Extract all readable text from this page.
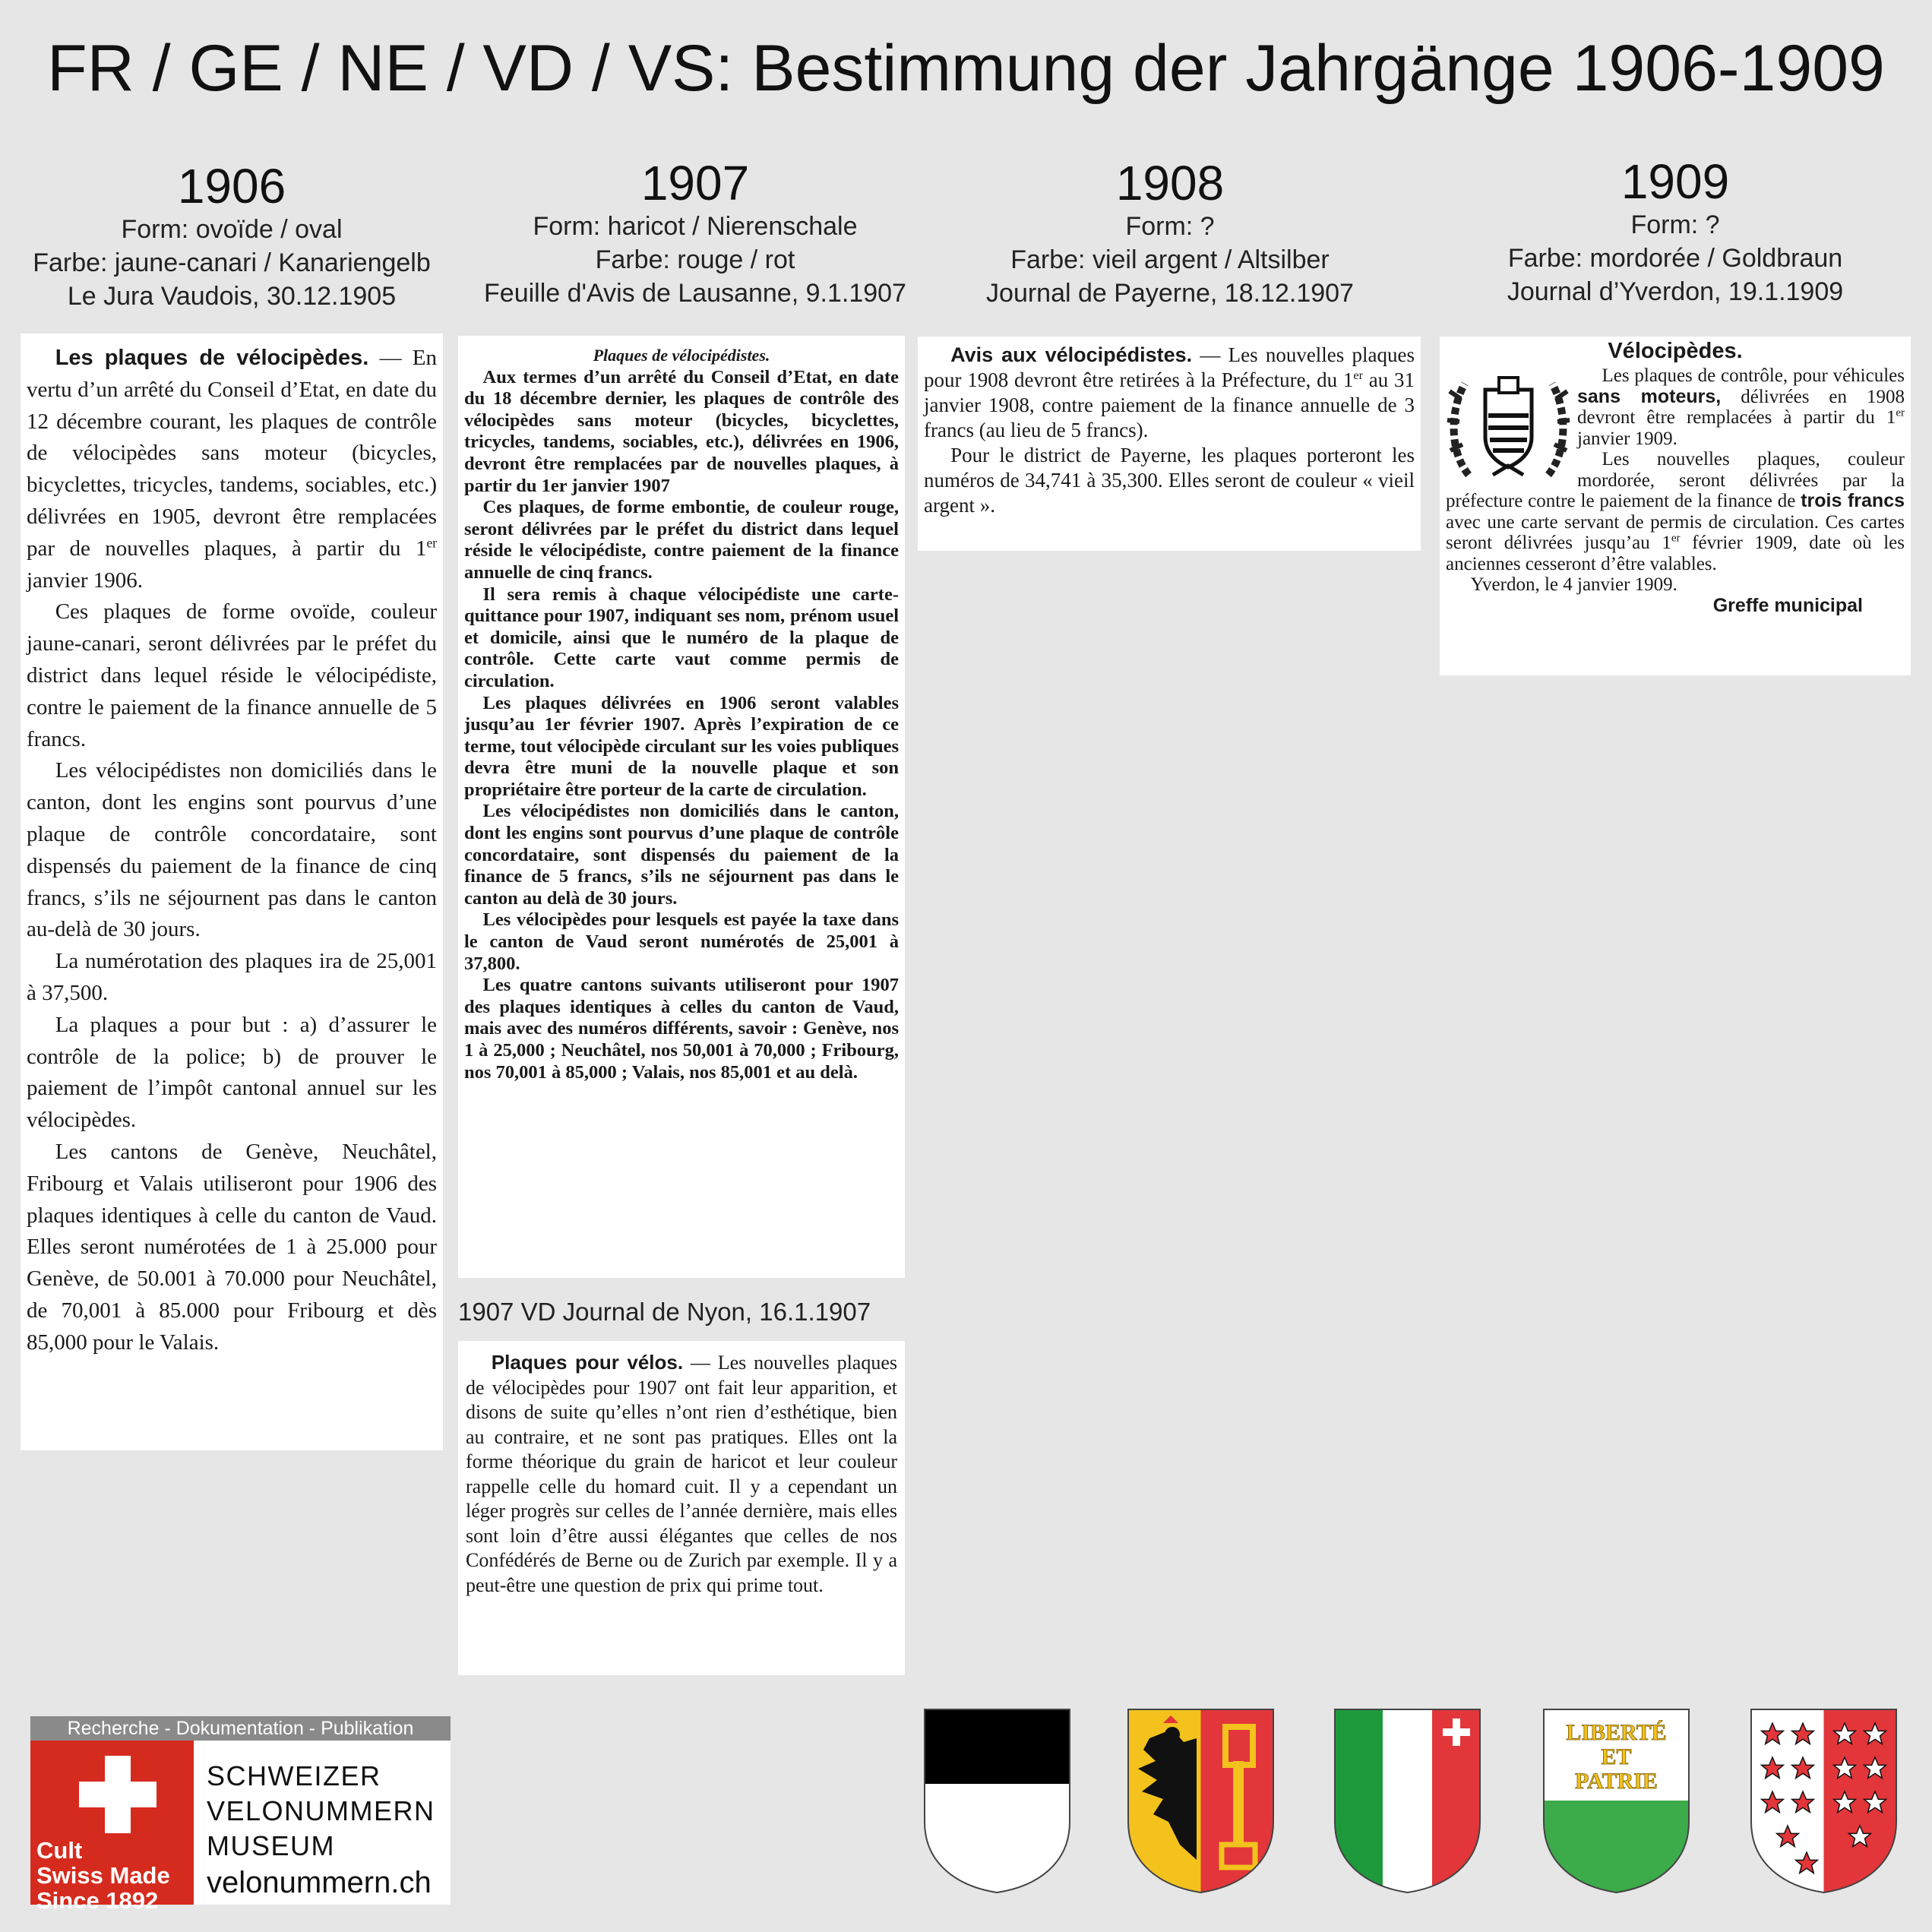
FR / GE / NE / VD / VS: Bestimmung der Jahrgänge 1906-1909
1906
Form: ovoïde / oval
Farbe: jaune-canari / Kanariengelb
Le Jura Vaudois, 30.12.1905
1907
Form: haricot / Nierenschale
Farbe: rouge / rot
Feuille d'Avis de Lausanne, 9.1.1907
1908
Form: ?
Farbe: vieil argent / Altsilber
Journal de Payerne, 18.12.1907
1909
Form: ?
Farbe: mordorée / Goldbraun
Journal d’Yverdon, 19.1.1909

Les plaques de vélocipèdes. — En vertu d’un arrêté du Conseil d’Etat, en date du 12 décembre courant, les plaques de contrôle de vélocipèdes sans moteur (bicycles, bicyclettes, tricycles, tandems, sociables, etc.) délivrées en 1905, devront être remplacées par de nouvelles plaques, à partir du 1er janvier 1906.

Ces plaques de forme ovoïde, couleur jaune-canari, seront délivrées par le préfet du district dans lequel réside le vélocipédiste, contre le paiement de la finance annuelle de 5 francs.

Les vélocipédistes non domiciliés dans le canton, dont les engins sont pourvus d’une plaque de contrôle concordataire, sont dispensés du paiement de la finance de cinq francs, s’ils ne séjournent pas dans le canton au-delà de 30 jours.

La numérotation des plaques ira de 25,001 à 37,500.

La plaques a pour but : a) d’assurer le contrôle de la police; b) de prouver le paiement de l’impôt cantonal annuel sur les vélocipèdes.

Les cantons de Genève, Neuchâtel, Fribourg et Valais utiliseront pour 1906 des plaques identiques à celle du canton de Vaud. Elles seront numérotées de 1 à 25.000 pour Genève, de 50.001 à 70.000 pour Neuchâtel, de 70,001 à 85.000 pour Fribourg et dès 85,000 pour le Valais.

Plaques de vélocipédistes.

Aux termes d’un arrêté du Conseil d’Etat, en date du 18 décembre dernier, les plaques de contrôle des vélocipèdes sans moteur (bicycles, bicyclettes, tricycles, tandems, sociables, etc.), délivrées en 1906, devront être remplacées par de nouvelles plaques, à partir du 1er janvier 1907

Ces plaques, de forme embontie, de couleur rouge, seront délivrées par le préfet du district dans lequel réside le vélocipédiste, contre paiement de la finance annuelle de cinq francs.

Il sera remis à chaque vélocipédiste une carte-quittance pour 1907, indiquant ses nom, prénom usuel et domicile, ainsi que le numéro de la plaque de contrôle. Cette carte vaut comme permis de circulation.

Les plaques délivrées en 1906 seront valables jusqu’au 1er février 1907. Après l’expiration de ce terme, tout vélocipède circulant sur les voies publiques devra être muni de la nouvelle plaque et son propriétaire être porteur de la carte de circulation.

Les vélocipédistes non domiciliés dans le canton, dont les engins sont pourvus d’une plaque de contrôle concordataire, sont dispensés du paiement de la finance de 5 francs, s’ils ne séjournent pas dans le canton au delà de 30 jours.

Les vélocipèdes pour lesquels est payée la taxe dans le canton de Vaud seront numérotés de 25,001 à 37,800.

Les quatre cantons suivants utiliseront pour 1907 des plaques identiques à celles du canton de Vaud, mais avec des numéros différents, savoir : Genève, nos 1 à 25,000 ; Neuchâtel, nos 50,001 à 70,000 ; Fribourg, nos 70,001 à 85,000 ; Valais, nos 85,001 et au delà.

1907 VD Journal de Nyon, 16.1.1907

Plaques pour vélos. — Les nouvelles plaques de vélocipèdes pour 1907 ont fait leur apparition, et disons de suite qu’elles n’ont rien d’esthétique, bien au contraire, et ne sont pas pratiques. Elles ont la forme théorique du grain de haricot et leur couleur rappelle celle du homard cuit. Il y a cependant un léger progrès sur celles de l’année dernière, mais elles sont loin d’être aussi élégantes que celles de nos Confédérés de Berne ou de Zurich par exemple. Il y a peut-être une question de prix qui prime tout.

Avis aux vélocipédistes. — Les nouvelles plaques pour 1908 devront être retirées à la Préfecture, du 1er au 31 janvier 1908, contre paiement de la finance annuelle de 3 francs (au lieu de 5 francs).

Pour le district de Payerne, les plaques porteront les numéros de 34,741 à 35,300. Elles seront de couleur « vieil argent ».

Vélocipèdes.

Les plaques de contrôle, pour véhicules sans moteurs, délivrées en 1908 devront être remplacées à partir du 1er janvier 1909.

Les nouvelles plaques, couleur mordorée, seront délivrées par la préfecture contre le paiement de la finance de trois francs avec une carte servant de permis de circulation. Ces cartes seront délivrées jusqu’au 1er février 1909, date où les anciennes cesseront d’être valables.

Yverdon, le 4 janvier 1909.

Greffe municipal

Recherche - Dokumentation - Publikation
Cult
Swiss Made
Since 1892
SCHWEIZER
VELONUMMERN
MUSEUM
velonummern.ch
LIBERTÉ
ET
PATRIE
